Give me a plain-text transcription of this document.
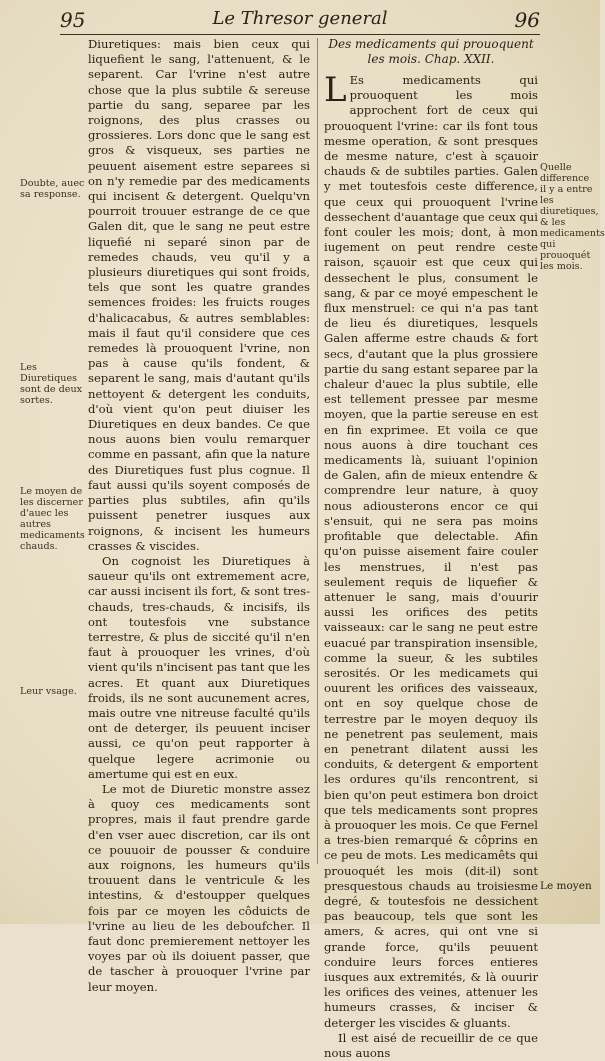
95	Le Thresor general	96

Diuretiques: mais bien ceux qui liquefient le sang, l'attenuent, & le separent. Car l'vrine n'est autre chose que la plus subtile & sereuse partie du sang, separee par les roignons, des plus crasses ou grossieres. Lors donc que le sang est gros & visqueux, ses parties ne peuuent aisement estre separees si on n'y remedie par des medicaments qui incisent & detergent. Quelqu'vn pourroit trouuer estrange de ce que Galen dit, que le sang ne peut estre liquefié ni separé sinon par de remedes chauds, veu qu'il y a plusieurs diuretiques qui sont froids, tels que sont les quatre grandes semences froides: les fruicts rouges d'halicacabus, & autres semblables: mais il faut qu'il considere que ces remedes là prouoquent l'vrine, non pas à cause qu'ils fondent, & separent le sang, mais d'autant qu'ils nettoyent & detergent les conduits, d'où vient qu'on peut diuiser les Diuretiques en deux bandes. Ce que nous auons bien voulu remarquer comme en passant, afin que la nature des Diuretiques fust plus cognue. Il faut aussi qu'ils soyent composés de parties plus subtiles, afin qu'ils puissent penetrer iusques aux roignons, & incisent les humeurs crasses & viscides.

On cognoist les Diuretiques à saueur qu'ils ont extremement acre, car aussi incisent ils fort, & sont tres-chauds, tres-chauds, & incisifs, ils ont toutesfois vne substance terrestre, & plus de siccité qu'il n'en faut à prouoquer les vrines, d'où vient qu'ils n'incisent pas tant que les acres. Et quant aux Diuretiques froids, ils ne sont aucunement acres, mais outre vne nitreuse faculté qu'ils ont de deterger, ils peuuent inciser aussi, ce qu'on peut rapporter à quelque legere acrimonie ou amertume qui est en eux.

Le mot de Diuretic monstre assez à quoy ces medicaments sont propres, mais il faut prendre garde d'en vser auec discretion, car ils ont ce pouuoir de pousser & conduire aux roignons, les humeurs qu'ils trouuent dans le ventricule & les intestins, & d'estoupper quelques fois par ce moyen les côduicts de l'vrine au lieu de les deboufcher. Il faut donc premierement nettoyer les voyes par où ils doiuent passer, que de tascher à prouoquer l'vrine par leur moyen.

Doubte, auec sa response.
Les Diuretiques sont de deux sortes.
Le moyen de les discerner d'auec les autres medicaments chauds.
Leur vsage.
Des medicaments qui prouoquent les mois. Chap. XXII.

L Es medicaments qui prouoquent les mois approchent fort de ceux qui prouoquent l'vrine: car ils font tous mesme operation, & sont presques de mesme nature, c'est à sçauoir chauds & de subtiles parties. Galen y met toutesfois ceste difference, que ceux qui prouoquent l'vrine dessechent d'auantage que ceux qui font couler les mois; dont, à mon iugement on peut rendre ceste raison, sçauoir est que ceux qui dessechent le plus, consument le sang, & par ce moyé empeschent le flux menstruel: ce qui n'a pas tant de lieu és diuretiques, lesquels Galen afferme estre chauds & fort secs, d'autant que la plus grossiere partie du sang estant separee par la chaleur d'auec la plus subtile, elle est tellement pressee par mesme moyen, que la partie sereuse en est en fin exprimee. Et voila ce que nous auons à dire touchant ces medicaments là, suiuant l'opinion de Galen, afin de mieux entendre & comprendre leur nature, à quoy nous adiousterons encor ce qui s'ensuit, qui ne sera pas moins profitable que delectable. Afin qu'on puisse aisement faire couler les menstrues, il n'est pas seulement requis de liquefier & attenuer le sang, mais d'ouurir aussi les orifices des petits vaisseaux: car le sang ne peut estre euacué par transpiration insensible, comme la sueur, & les subtiles serosités. Or les medicamets qui ouurent les orifices des vaisseaux, ont en soy quelque chose de terrestre par le moyen dequoy ils ne penetrent pas seulement, mais en penetrant dilatent aussi les conduits, & detergent & emportent les ordures qu'ils rencontrent, si bien qu'on peut estimera bon droict que tels medicaments sont propres à prouoquer les mois. Ce que Fernel a tres-bien remarqué & côprins en ce peu de mots. Les medicamêts qui prouoquét les mois (dit-il) sont presquestous chauds au troisiesme degré, & toutesfois ne dessichent pas beaucoup, tels que sont les amers, & acres, qui ont vne si grande force, qu'ils peuuent conduire leurs forces entieres iusques aux extremités, & là ouurir les orifices des veines, attenuer les humeurs crasses, & inciser & deterger les viscides & gluants.

Il est aisé de recueillir de ce que nous auons

Quelle difference il y a entre les diuretiques, & les medicaments qui prouoquét les mois.
Le moyen
